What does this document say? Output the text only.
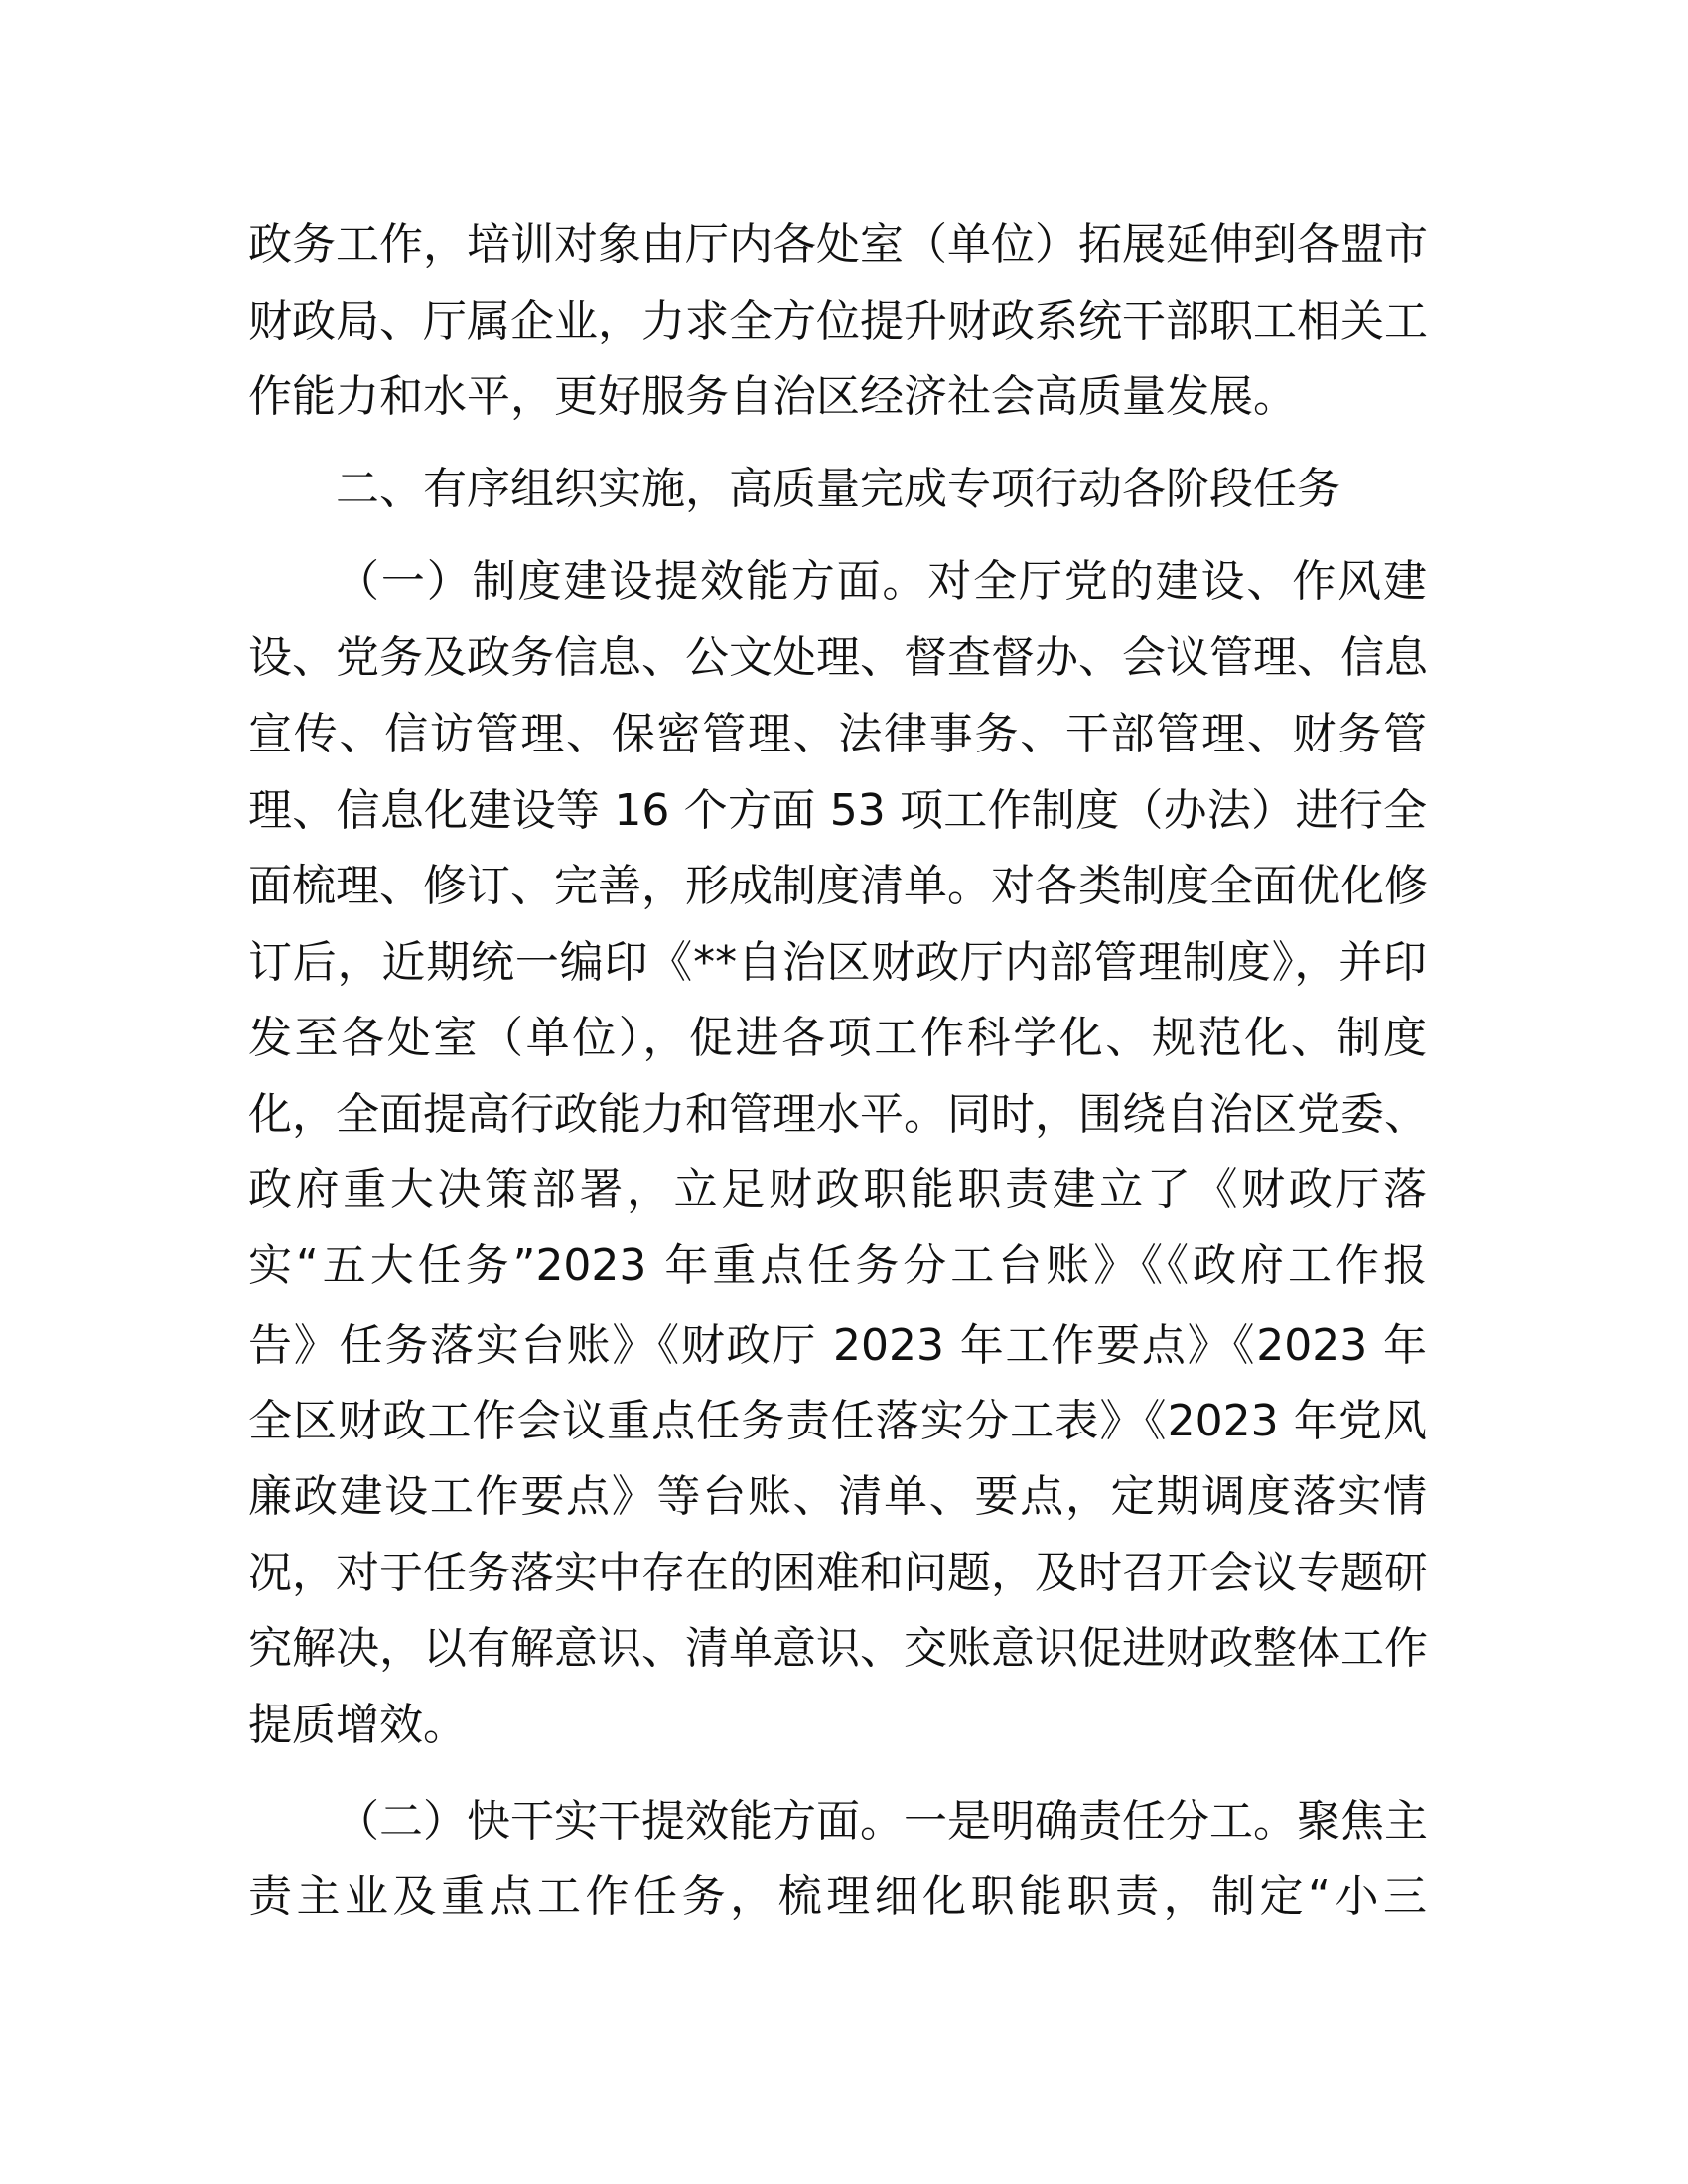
政务工作，培训对象由厅内各处室（单位）拓展延伸到各盟市
财政局、厅属企业，力求全方位提升财政系统干部职工相关工
作能力和水平，更好服务自治区经济社会高质量发展。
二、有序组织实施，高质量完成专项行动各阶段任务
（一）制度建设提效能方面。对全厅党的建设、作风建
设、党务及政务信息、公文处理、督查督办、会议管理、信息
宣传、信访管理、保密管理、法律事务、干部管理、财务管
理、信息化建设等 16 个方面 53 项工作制度（办法）进行全
面梳理、修订、完善，形成制度清单。对各类制度全面优化修
订后，近期统一编印《**自治区财政厅内部管理制度》，并印
发至各处室（单位），促进各项工作科学化、规范化、制度
化，全面提高行政能力和管理水平。同时，围绕自治区党委、
政府重大决策部署，立足财政职能职责建立了《财政厅落
实“五大任务”2023 年重点任务分工台账》《《政府工作报
告》任务落实台账》《财政厅 2023 年工作要点》《2023 年
全区财政工作会议重点任务责任落实分工表》《2023 年党风
廉政建设工作要点》等台账、清单、要点，定期调度落实情
况，对于任务落实中存在的困难和问题，及时召开会议专题研
究解决，以有解意识、清单意识、交账意识促进财政整体工作
提质增效。
（二）快干实干提效能方面。一是明确责任分工。聚焦主
责主业及重点工作任务，梳理细化职能职责，制定“小三
